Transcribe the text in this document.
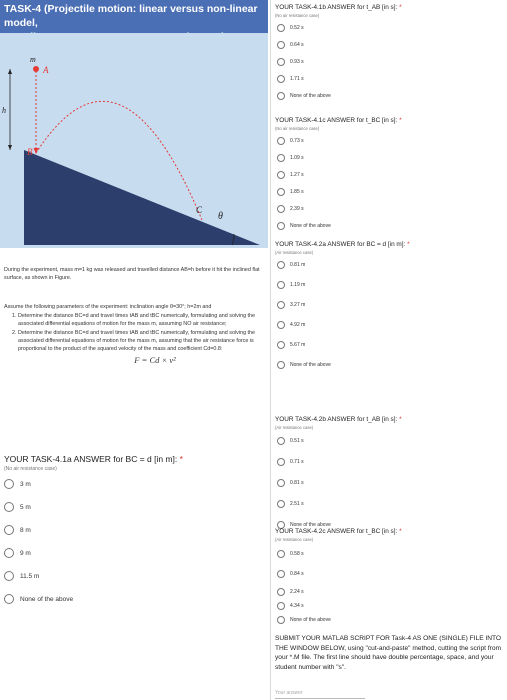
TASK-4 (Projectile motion: linear versus non-linear model,
m
A
h
B
C
θ

During the experiment, mass m=1 kg was released and travelled distance AB=h before it hit the inclined flat surface, as shown in Figure.

Assume the following parameters of the experiment: inclination angle θ=30°; h=2m and

1. Determine the distance BC=d and travel times tAB and tBC numerically, formulating and solving the associated differential equations of motion for the mass m, assuming NO air resistance;
2. Determine the distance BC=d and travel times tAB and tBC numerically, formulating and solving the associated differential equations of motion for the mass m, assuming that the air resistance force is proportional to the product of the squared velocity of the mass and coefficient Cd=0.8:
F = Cd × v²
YOUR TASK-4.1a ANSWER for BC = d [in m]: *
(No air resistance case)
3 m
5 m
8 m
9 m
11.5 m
None of the above
YOUR TASK-4.1b ANSWER for t_AB [in s]: *
(No air resistance case)
0.52 s
0.64 s
0.93 s
1.71 s
None of the above
YOUR TASK-4.1c ANSWER for t_BC [in s]: *
(No air resistance case)
0.73 s
1.09 s
1.27 s
1.85 s
2.39 s
None of the above
YOUR TASK-4.2a ANSWER for BC = d [in m]: *
(Air resistance case)
0.81 m
1.19 m
3.27 m
4.92 m
5.67 m
None of the above
YOUR TASK-4.2b ANSWER for t_AB [in s]: *
(Air resistance case)
0.51 s
0.71 s
0.81 s
2.51 s
None of the above
YOUR TASK-4.2c ANSWER for t_BC [in s]: *
(Air resistance case)
0.58 s
0.84 s
2.24 s
4.34 s
None of the above
SUBMIT YOUR MATLAB SCRIPT FOR Task-4 AS ONE (SINGLE) FILE INTO THE WINDOW BELOW, using "cut-and-paste" method, cutting the script from your *.M file. The first line should have double percentage, space, and your student number with "s".
Your answer
